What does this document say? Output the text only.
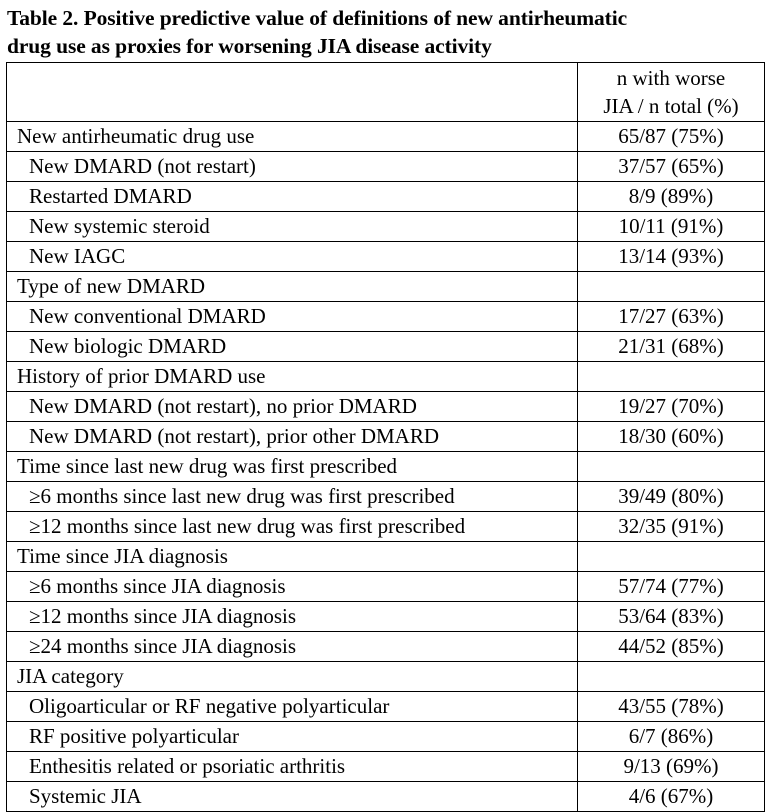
Table 2. Positive predictive value of definitions of new antirheumatic
drug use as proxies for worsening JIA disease activity

	n with worse
JIA / n total (%)

New antirheumatic drug use	65/87 (75%)
New DMARD (not restart)	37/57 (65%)
Restarted DMARD	8/9 (89%)
New systemic steroid	10/11 (91%)
New IAGC	13/14 (93%)
Type of new DMARD	
New conventional DMARD	17/27 (63%)
New biologic DMARD	21/31 (68%)
History of prior DMARD use	
New DMARD (not restart), no prior DMARD	19/27 (70%)
New DMARD (not restart), prior other DMARD	18/30 (60%)
Time since last new drug was first prescribed	
≥6 months since last new drug was first prescribed	39/49 (80%)
≥12 months since last new drug was first prescribed	32/35 (91%)
Time since JIA diagnosis	
≥6 months since JIA diagnosis	57/74 (77%)
≥12 months since JIA diagnosis	53/64 (83%)
≥24 months since JIA diagnosis	44/52 (85%)
JIA category	
Oligoarticular or RF negative polyarticular	43/55 (78%)
RF positive polyarticular	6/7 (86%)
Enthesitis related or psoriatic arthritis	9/13 (69%)
Systemic JIA	4/6 (67%)
